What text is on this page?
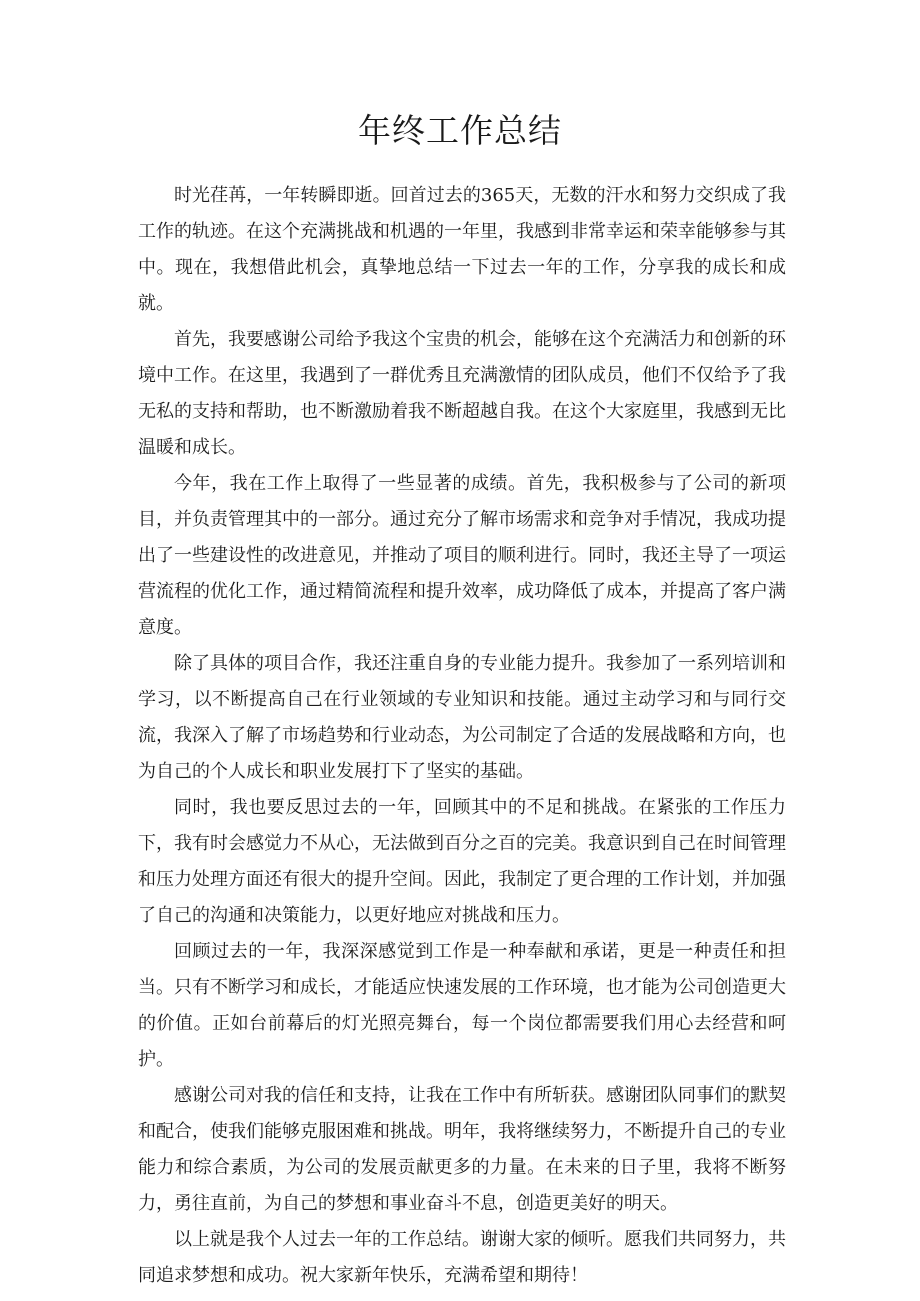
年终工作总结

时光荏苒，一年转瞬即逝。回首过去的365天，无数的汗水和努力交织成了我工作的轨迹。在这个充满挑战和机遇的一年里，我感到非常幸运和荣幸能够参与其中。现在，我想借此机会，真挚地总结一下过去一年的工作，分享我的成长和成就。

首先，我要感谢公司给予我这个宝贵的机会，能够在这个充满活力和创新的环境中工作。在这里，我遇到了一群优秀且充满激情的团队成员，他们不仅给予了我无私的支持和帮助，也不断激励着我不断超越自我。在这个大家庭里，我感到无比温暖和成长。

今年，我在工作上取得了一些显著的成绩。首先，我积极参与了公司的新项目，并负责管理其中的一部分。通过充分了解市场需求和竞争对手情况，我成功提出了一些建设性的改进意见，并推动了项目的顺利进行。同时，我还主导了一项运营流程的优化工作，通过精简流程和提升效率，成功降低了成本，并提高了客户满意度。

除了具体的项目合作，我还注重自身的专业能力提升。我参加了一系列培训和学习，以不断提高自己在行业领域的专业知识和技能。通过主动学习和与同行交流，我深入了解了市场趋势和行业动态，为公司制定了合适的发展战略和方向，也为自己的个人成长和职业发展打下了坚实的基础。

同时，我也要反思过去的一年，回顾其中的不足和挑战。在紧张的工作压力下，我有时会感觉力不从心，无法做到百分之百的完美。我意识到自己在时间管理和压力处理方面还有很大的提升空间。因此，我制定了更合理的工作计划，并加强了自己的沟通和决策能力，以更好地应对挑战和压力。

回顾过去的一年，我深深感觉到工作是一种奉献和承诺，更是一种责任和担当。只有不断学习和成长，才能适应快速发展的工作环境，也才能为公司创造更大的价值。正如台前幕后的灯光照亮舞台，每一个岗位都需要我们用心去经营和呵护。

感谢公司对我的信任和支持，让我在工作中有所斩获。感谢团队同事们的默契和配合，使我们能够克服困难和挑战。明年，我将继续努力，不断提升自己的专业能力和综合素质，为公司的发展贡献更多的力量。在未来的日子里，我将不断努力，勇往直前，为自己的梦想和事业奋斗不息，创造更美好的明天。

以上就是我个人过去一年的工作总结。谢谢大家的倾听。愿我们共同努力，共同追求梦想和成功。祝大家新年快乐，充满希望和期待！
